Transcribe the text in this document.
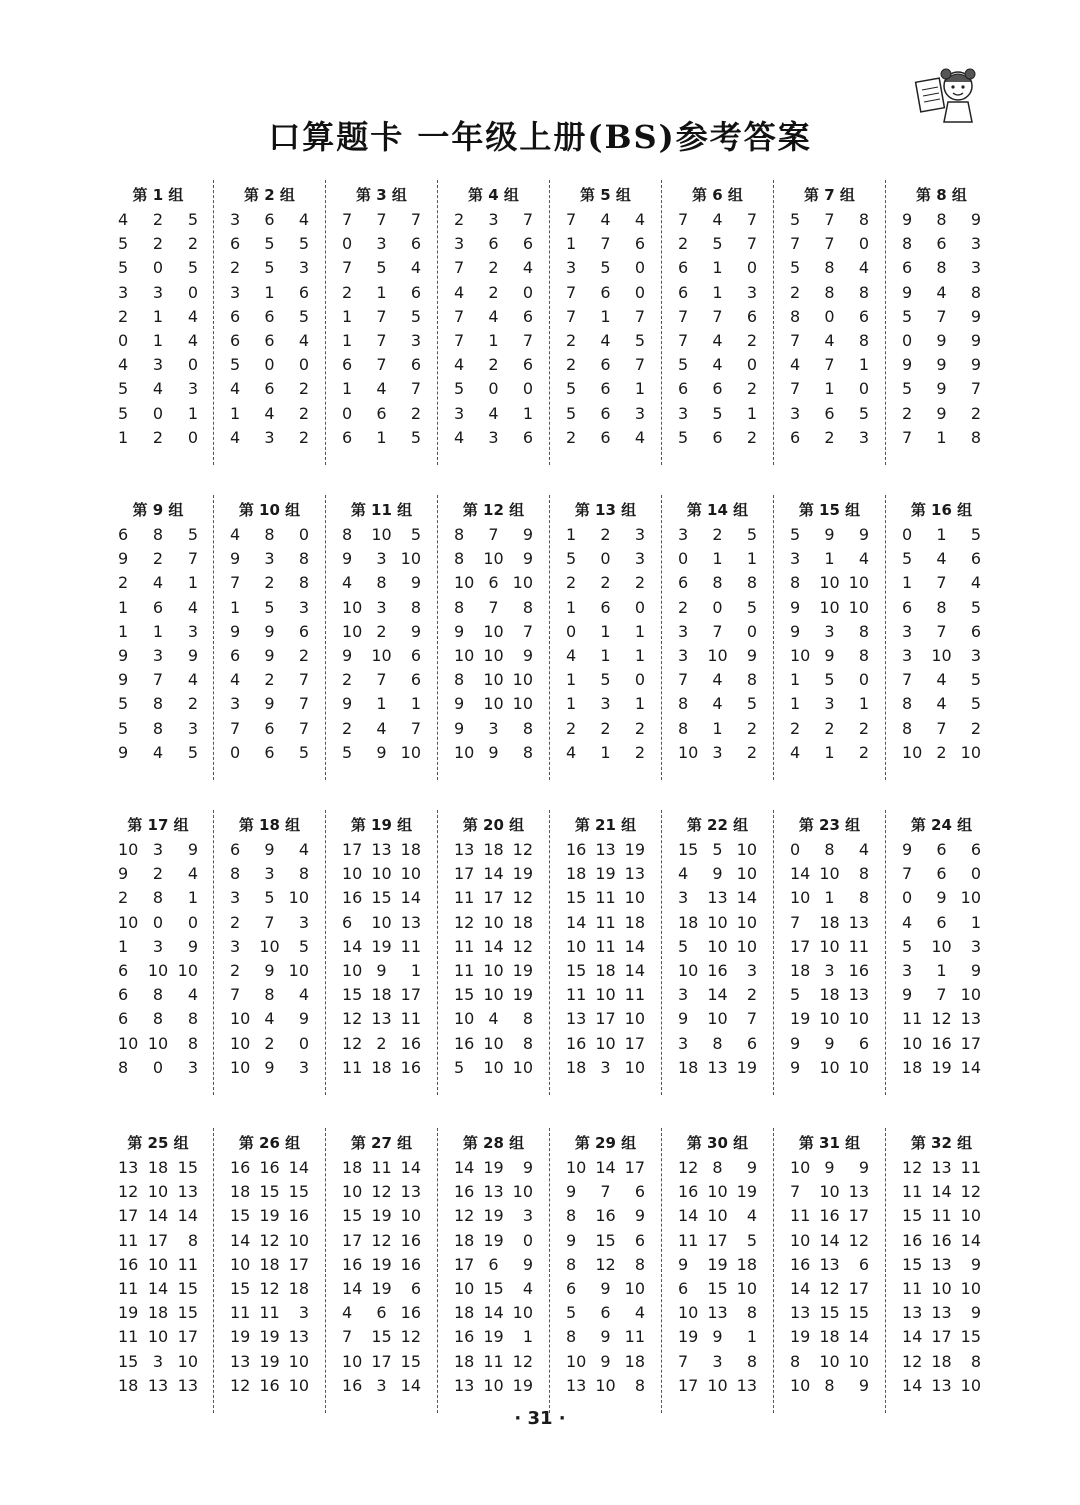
口算题卡 一年级上册(BS)参考答案
第 1 组
4	2	5
5	2	2
5	0	5
3	3	0
2	1	4
0	1	4
4	3	0
5	4	3
5	0	1
1	2	0
第 2 组
3	6	4
6	5	5
2	5	3
3	1	6
6	6	5
6	6	4
5	0	0
4	6	2
1	4	2
4	3	2
第 3 组
7	7	7
0	3	6
7	5	4
2	1	6
1	7	5
1	7	3
6	7	6
1	4	7
0	6	2
6	1	5
第 4 组
2	3	7
3	6	6
7	2	4
4	2	0
7	4	6
7	1	7
4	2	6
5	0	0
3	4	1
4	3	6
第 5 组
7	4	4
1	7	6
3	5	0
7	6	0
7	1	7
2	4	5
2	6	7
5	6	1
5	6	3
2	6	4
第 6 组
7	4	7
2	5	7
6	1	0
6	1	3
7	7	6
7	4	2
5	4	0
6	6	2
3	5	1
5	6	2
第 7 组
5	7	8
7	7	0
5	8	4
2	8	8
8	0	6
7	4	8
4	7	1
7	1	0
3	6	5
6	2	3
第 8 组
9	8	9
8	6	3
6	8	3
9	4	8
5	7	9
0	9	9
9	9	9
5	9	7
2	9	2
7	1	8
第 9 组
6	8	5
9	2	7
2	4	1
1	6	4
1	1	3
9	3	9
9	7	4
5	8	2
5	8	3
9	4	5
第 10 组
4	8	0
9	3	8
7	2	8
1	5	3
9	9	6
6	9	2
4	2	7
3	9	7
7	6	7
0	6	5
第 11 组
8	10	5
9	3 10
4	8	9
10 3	8
10 2	9
9	10	6
2	7	6
9	1	1
2	4	7
5	9 10
第 12 组
8	7	9
8	10	9
10 6 10
8	7	8
9	10	7
10 10	9
8	10 10
9	10 10
9	3	8
10 9	8
第 13 组
1	2	3
5	0	3
2	2	2
1	6	0
0	1	1
4	1	1
1	5	0
1	3	1
2	2	2
4	1	2
第 14 组
3	2	5
0	1	1
6	8	8
2	0	5
3	7	0
3	10	9
7	4	8
8	4	5
8	1	2
10 3	2
第 15 组
5	9	9
3	1	4
8	10 10
9	10 10
9	3	8
10 9	8
1	5	0
1	3	1
2	2	2
4	1	2
第 16 组
0	1	5
5	4	6
1	7	4
6	8	5
3	7	6
3	10	3
7	4	5
8	4	5
8	7	2
10 2 10
第 17 组
10 3	9
9	2	4
2	8	1
10 0	0
1	3	9
6	10 10
6	8	4
6	8	8
10 10	8
8	0	3
第 18 组
6	9	4
8	3	8
3	5 10
2	7	3
3	10	5
2	9 10
7	8	4
10 4	9
10 2	0
10 9	3
第 19 组
17 13 18
10 10 10
16 15 14
6	10 13
14 19 11
10 9	1
15 18 17
12 13 11
12 2 16
11 18 16
第 20 组
13 18 12
17 14 19
11 17 12
12 10 18
11 14 12
11 10 19
15 10 19
10 4	8
16 10	8
5	10 10
第 21 组
16 13 19
18 19 13
15 11 10
14 11 18
10 11 14
15 18 14
11 10 11
13 17 10
16 10 17
18 3 10
第 22 组
15 5 10
4	9 10
3	13 14
18 10 10
5	10 10
10 16	3
3	14	2
9	10	7
3	8	6
18 13 19
第 23 组
0	8	4
14 10	8
10 1	8
7	18 13
17 10 11
18 3 16
5	18 13
19 10 10
9	9	6
9	10 10
第 24 组
9	6	6
7	6	0
0	9 10
4	6	1
5	10	3
3	1	9
9	7 10
11 12 13
10 16 17
18 19 14
第 25 组
13 18 15
12 10 13
17 14 14
11 17	8
16 10 11
11 14 15
19 18 15
11 10 17
15 3 10
18 13 13
第 26 组
16 16 14
18 15 15
15 19 16
14 12 10
10 18 17
15 12 18
11 11	3
19 19 13
13 19 10
12 16 10
第 27 组
18 11 14
10 12 13
15 19 10
17 12 16
16 19 16
14 19	6
4	6 16
7	15 12
10 17 15
16 3 14
第 28 组
14 19	9
16 13 10
12 19	3
18 19	0
17 6	9
10 15	4
18 14 10
16 19	1
18 11 12
13 10 19
第 29 组
10 14 17
9	7	6
8	16	9
9	15	6
8	12	8
6	9 10
5	6	4
8	9 11
10 9 18
13 10	8
第 30 组
12 8	9
16 10 19
14 10	4
11 17	5
9	19 18
6	15 10
10 13	8
19 9	1
7	3	8
17 10 13
第 31 组
10 9	9
7	10 13
11 16 17
10 14 12
16 13	6
14 12 17
13 15 15
19 18 14
8	10 10
10 8	9
第 32 组
12 13 11
11 14 12
15 11 10
16 16 14
15 13	9
11 10 10
13 13	9
14 17 15
12 18	8
14 13 10
· 31 ·
